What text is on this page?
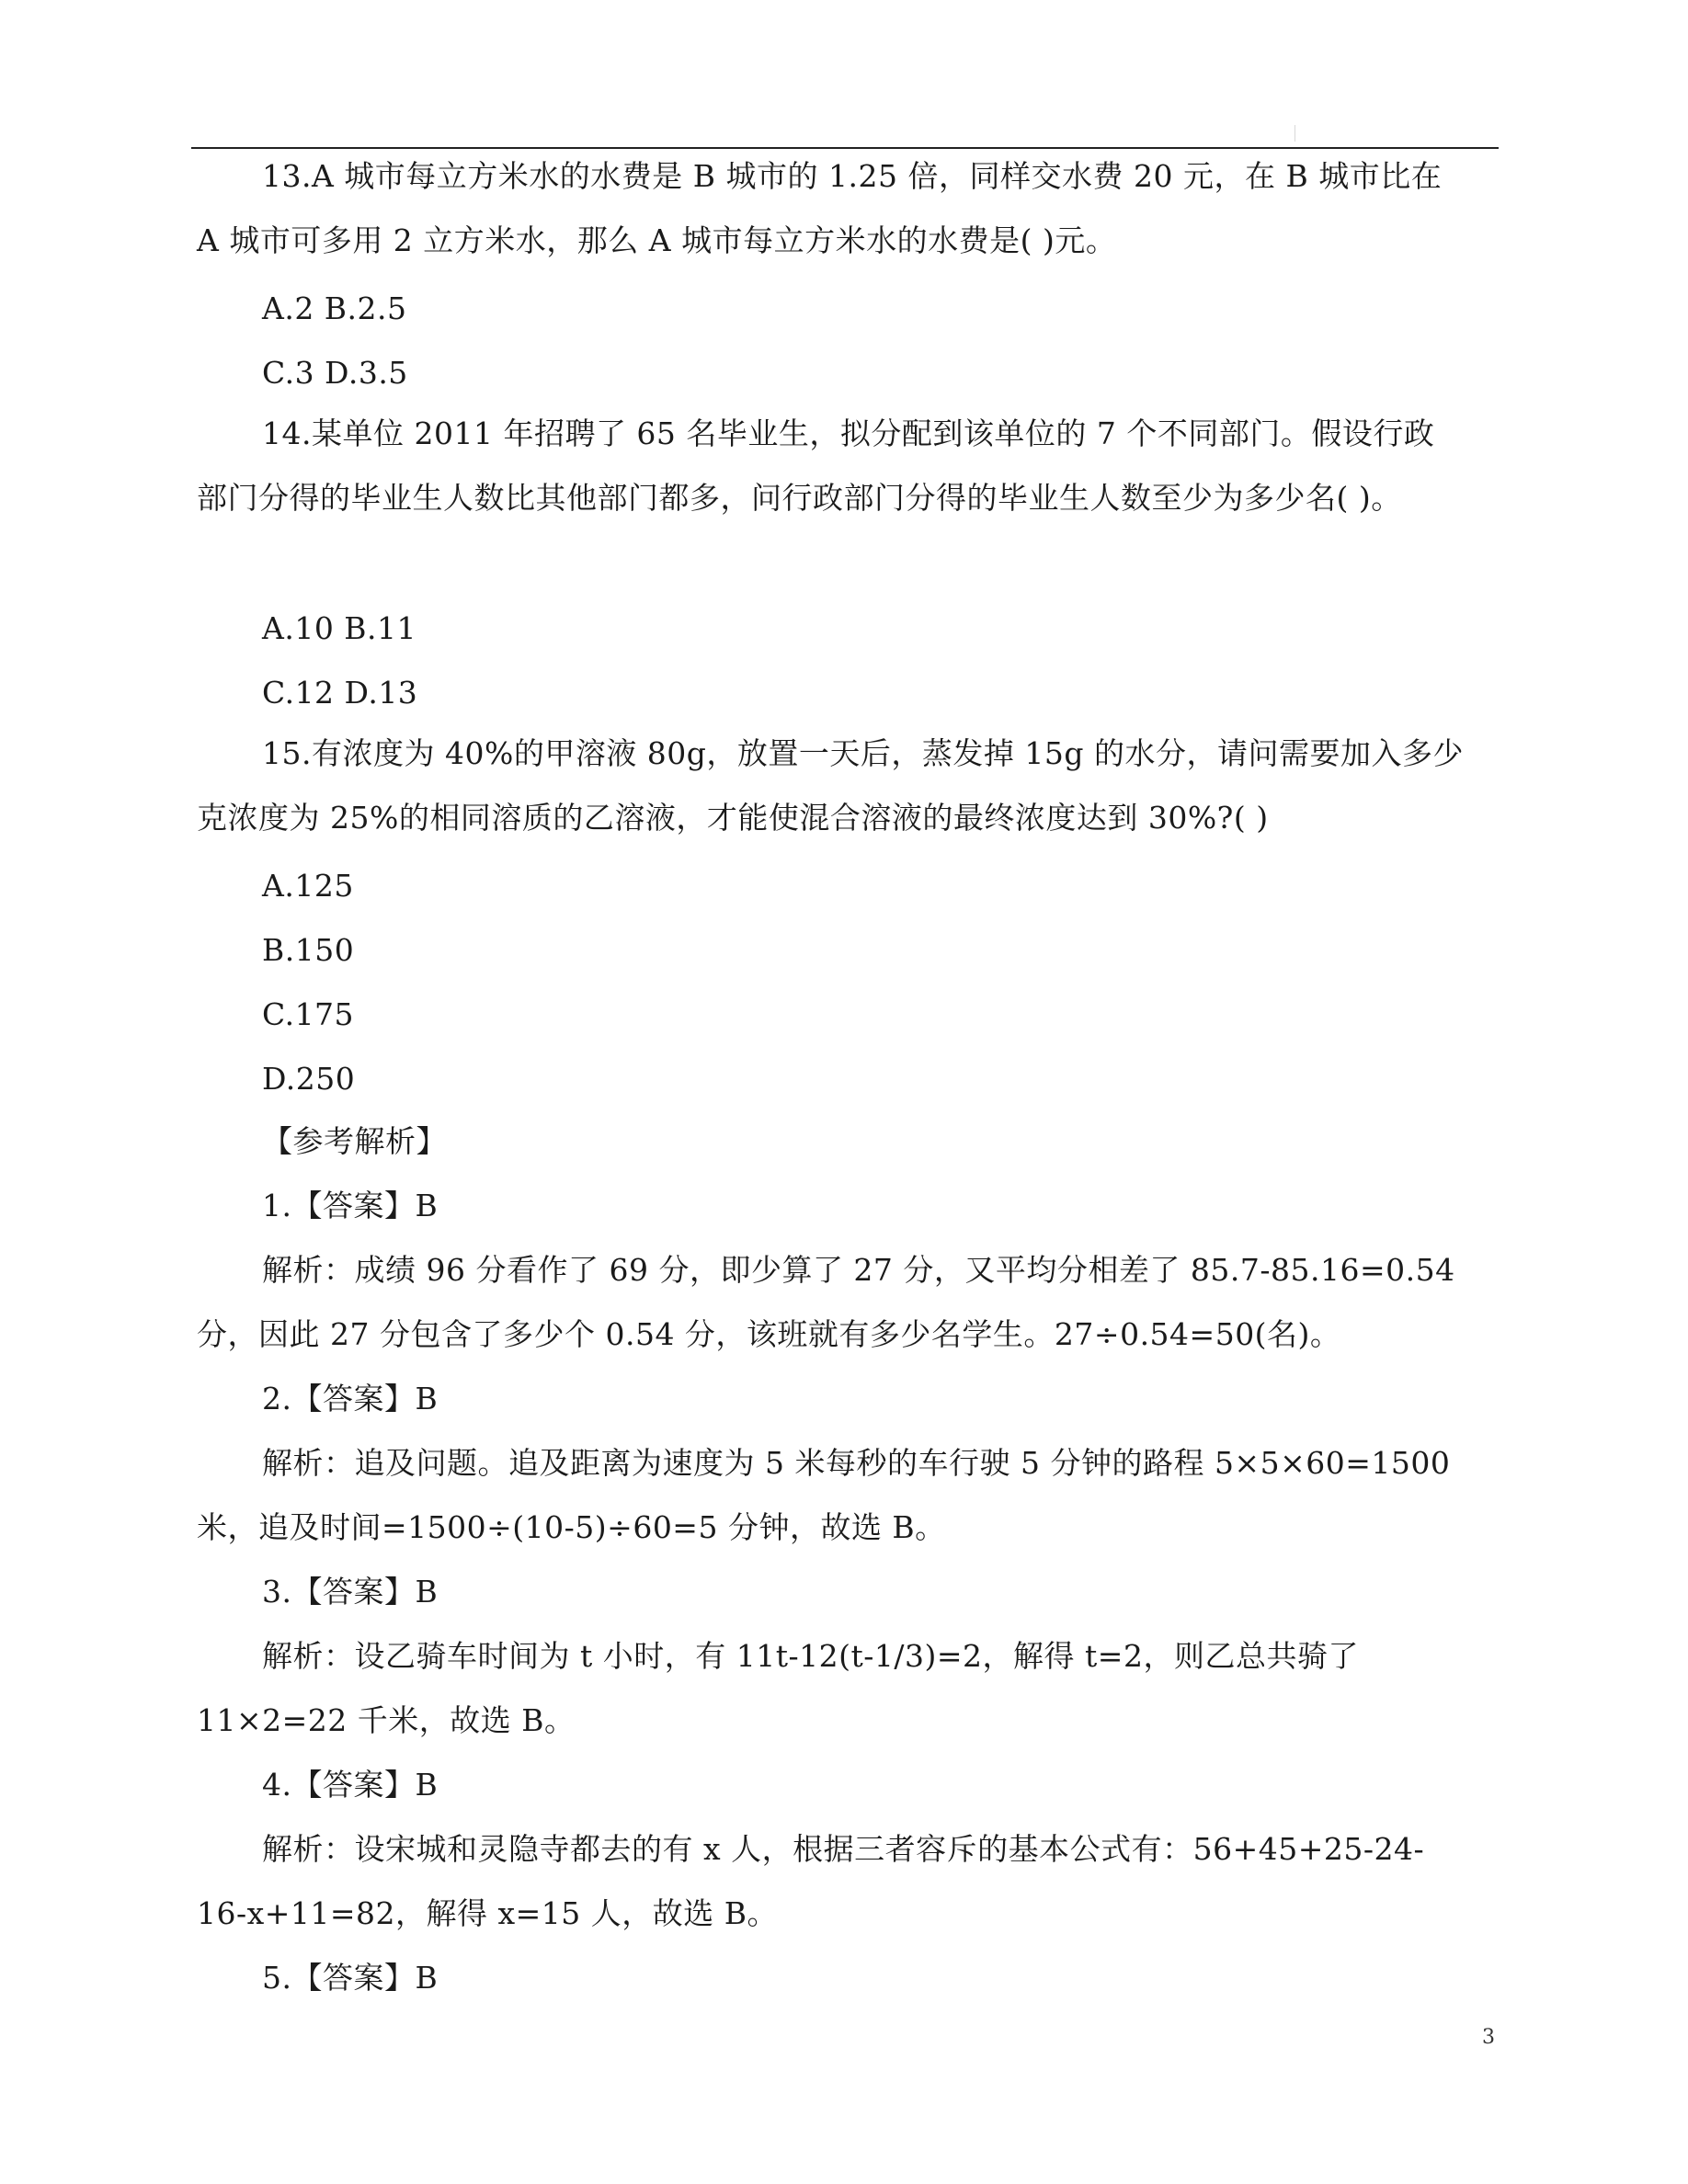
13.A 城市每立方米水的水费是 B 城市的 1.25 倍，同样交水费 20 元，在 B 城市比在
A 城市可多用 2 立方米水，那么 A 城市每立方米水的水费是( )元。
A.2 B.2.5
C.3 D.3.5
14.某单位 2011 年招聘了 65 名毕业生，拟分配到该单位的 7 个不同部门。假设行政
部门分得的毕业生人数比其他部门都多，问行政部门分得的毕业生人数至少为多少名( )。
A.10 B.11
C.12 D.13
15.有浓度为 40%的甲溶液 80g，放置一天后，蒸发掉 15g 的水分，请问需要加入多少
克浓度为 25%的相同溶质的乙溶液，才能使混合溶液的最终浓度达到 30%?( )
A.125
B.150
C.175
D.250
【参考解析】
1.【答案】B
解析：成绩 96 分看作了 69 分，即少算了 27 分，又平均分相差了 85.7-85.16=0.54
分，因此 27 分包含了多少个 0.54 分，该班就有多少名学生。27÷0.54=50(名)。
2.【答案】B
解析：追及问题。追及距离为速度为 5 米每秒的车行驶 5 分钟的路程 5×5×60=1500
米，追及时间=1500÷(10-5)÷60=5 分钟，故选 B。
3.【答案】B
解析：设乙骑车时间为 t 小时，有 11t-12(t-1/3)=2，解得 t=2，则乙总共骑了
11×2=22 千米，故选 B。
4.【答案】B
解析：设宋城和灵隐寺都去的有 x 人，根据三者容斥的基本公式有：56+45+25-24-
16-x+11=82，解得 x=15 人，故选 B。
5.【答案】B
3
